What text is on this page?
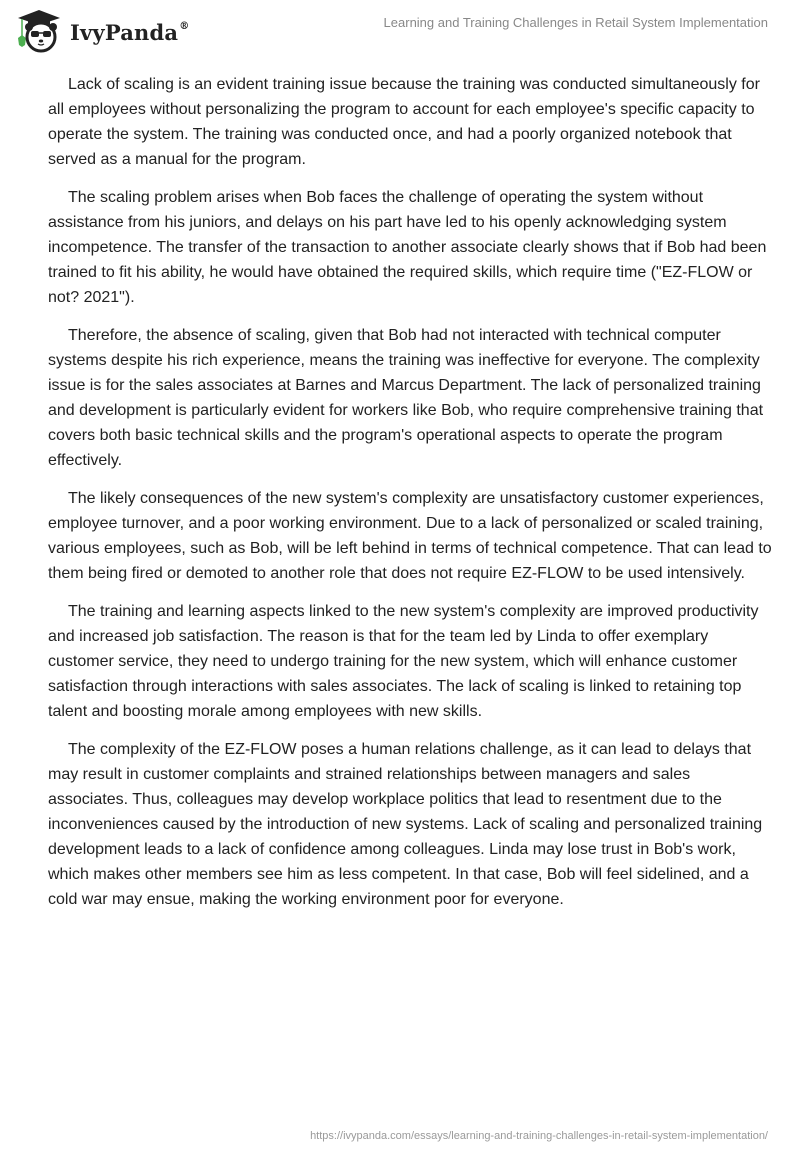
IvyPanda®	Learning and Training Challenges in Retail System Implementation

Lack of scaling is an evident training issue because the training was conducted simultaneously for all employees without personalizing the program to account for each employee's specific capacity to operate the system. The training was conducted once, and had a poorly organized notebook that served as a manual for the program.

The scaling problem arises when Bob faces the challenge of operating the system without assistance from his juniors, and delays on his part have led to his openly acknowledging system incompetence. The transfer of the transaction to another associate clearly shows that if Bob had been trained to fit his ability, he would have obtained the required skills, which require time ("EZ-FLOW or not? 2021").

Therefore, the absence of scaling, given that Bob had not interacted with technical computer systems despite his rich experience, means the training was ineffective for everyone. The complexity issue is for the sales associates at Barnes and Marcus Department. The lack of personalized training and development is particularly evident for workers like Bob, who require comprehensive training that covers both basic technical skills and the program's operational aspects to operate the program effectively.

The likely consequences of the new system's complexity are unsatisfactory customer experiences, employee turnover, and a poor working environment. Due to a lack of personalized or scaled training, various employees, such as Bob, will be left behind in terms of technical competence. That can lead to them being fired or demoted to another role that does not require EZ-FLOW to be used intensively.

The training and learning aspects linked to the new system's complexity are improved productivity and increased job satisfaction. The reason is that for the team led by Linda to offer exemplary customer service, they need to undergo training for the new system, which will enhance customer satisfaction through interactions with sales associates. The lack of scaling is linked to retaining top talent and boosting morale among employees with new skills.

The complexity of the EZ-FLOW poses a human relations challenge, as it can lead to delays that may result in customer complaints and strained relationships between managers and sales associates. Thus, colleagues may develop workplace politics that lead to resentment due to the inconveniences caused by the introduction of new systems. Lack of scaling and personalized training development leads to a lack of confidence among colleagues. Linda may lose trust in Bob's work, which makes other members see him as less competent. In that case, Bob will feel sidelined, and a cold war may ensue, making the working environment poor for everyone.

https://ivypanda.com/essays/learning-and-training-challenges-in-retail-system-implementation/
